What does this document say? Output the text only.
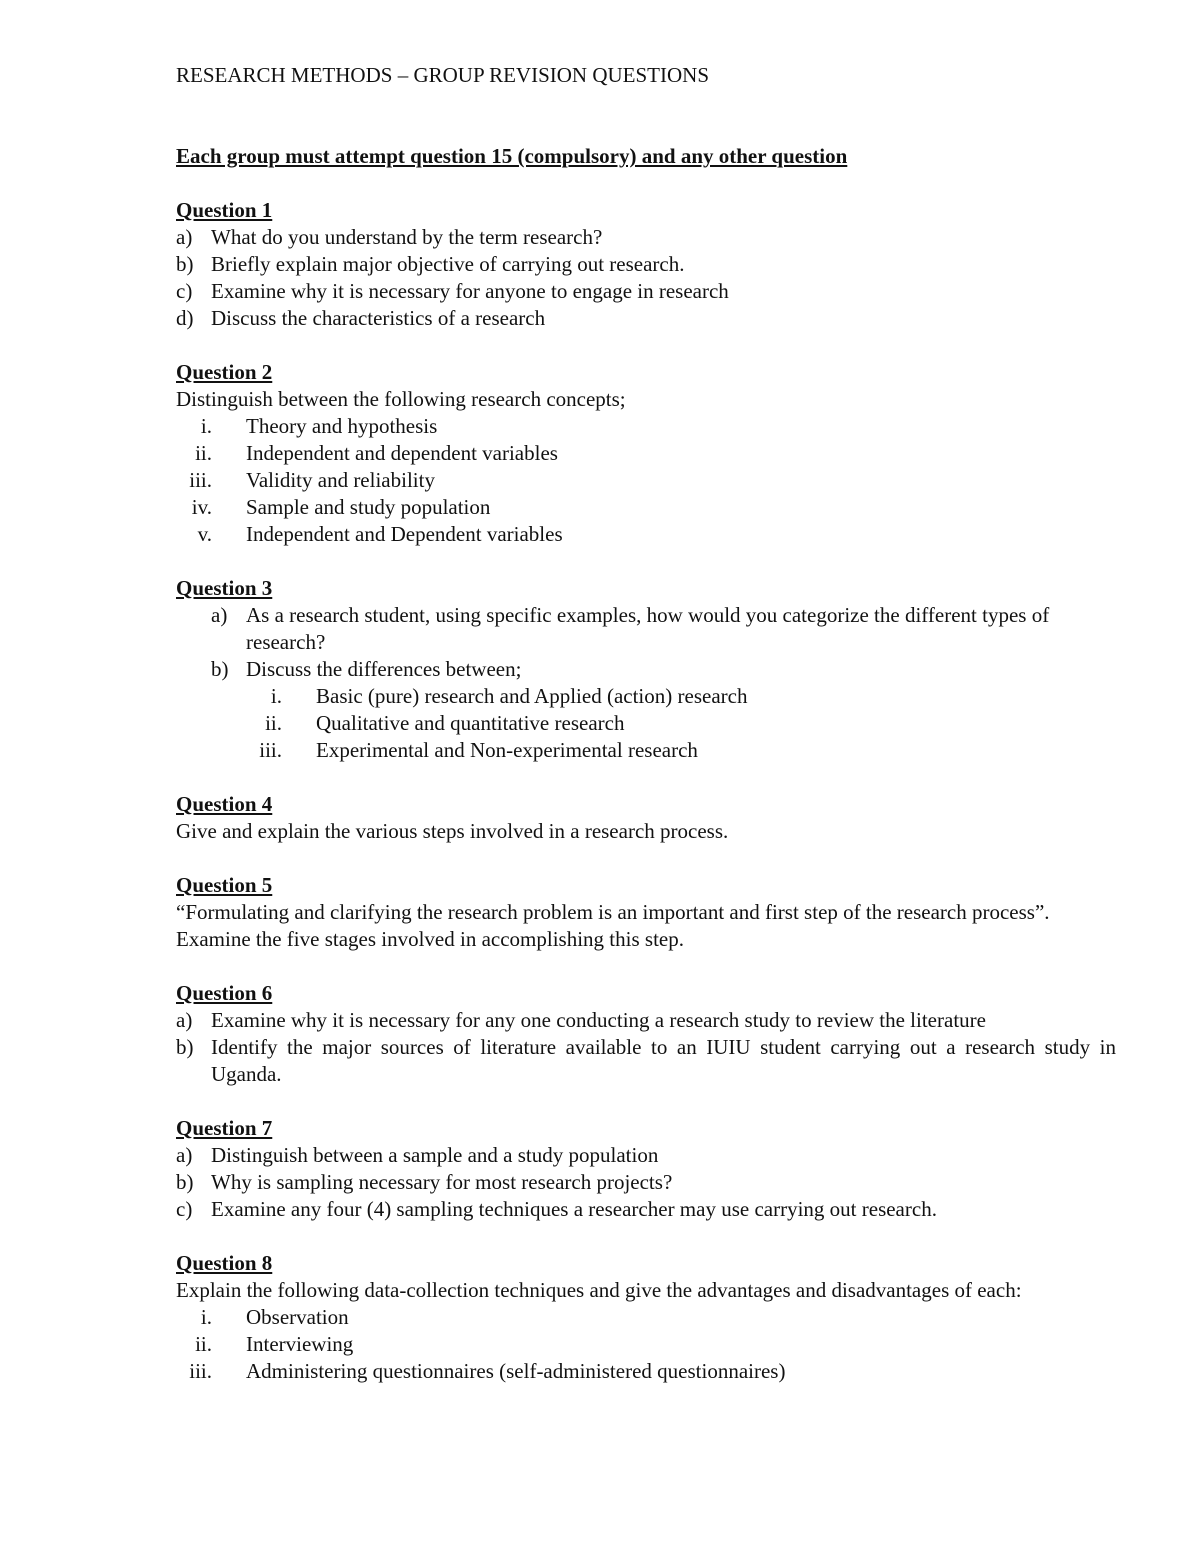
RESEARCH METHODS – GROUP REVISION QUESTIONS
Each group must attempt question 15 (compulsory) and any other question
Question 1
a) What do you understand by the term research?
b) Briefly explain major objective of carrying out research.
c) Examine why it is necessary for anyone to engage in research
d) Discuss the characteristics of a research
Question 2
Distinguish between the following research concepts;
i.	Theory and hypothesis
ii.	Independent and dependent variables
iii.	Validity and reliability
iv.	Sample and study population
v.	Independent and Dependent variables
Question 3
a) As a research student, using specific examples, how would you categorize the different types of research?
b) Discuss the differences between;
i.	Basic (pure) research and Applied (action) research
ii.	Qualitative and quantitative research
iii.	Experimental and Non-experimental research
Question 4
Give and explain the various steps involved in a research process.
Question 5
“Formulating and clarifying the research problem is an important and first step of the research process”. Examine the five stages involved in accomplishing this step.
Question 6
a) Examine why it is necessary for any one conducting a research study to review the literature
b) Identify the major sources of literature available to an IUIU student carrying out a research study in Uganda.
Question 7
a) Distinguish between a sample and a study population
b) Why is sampling necessary for most research projects?
c) Examine any four (4) sampling techniques a researcher may use carrying out research.
Question 8
Explain the following data-collection techniques and give the advantages and disadvantages of each:
i.	Observation
ii.	Interviewing
iii.	Administering questionnaires (self-administered questionnaires)
